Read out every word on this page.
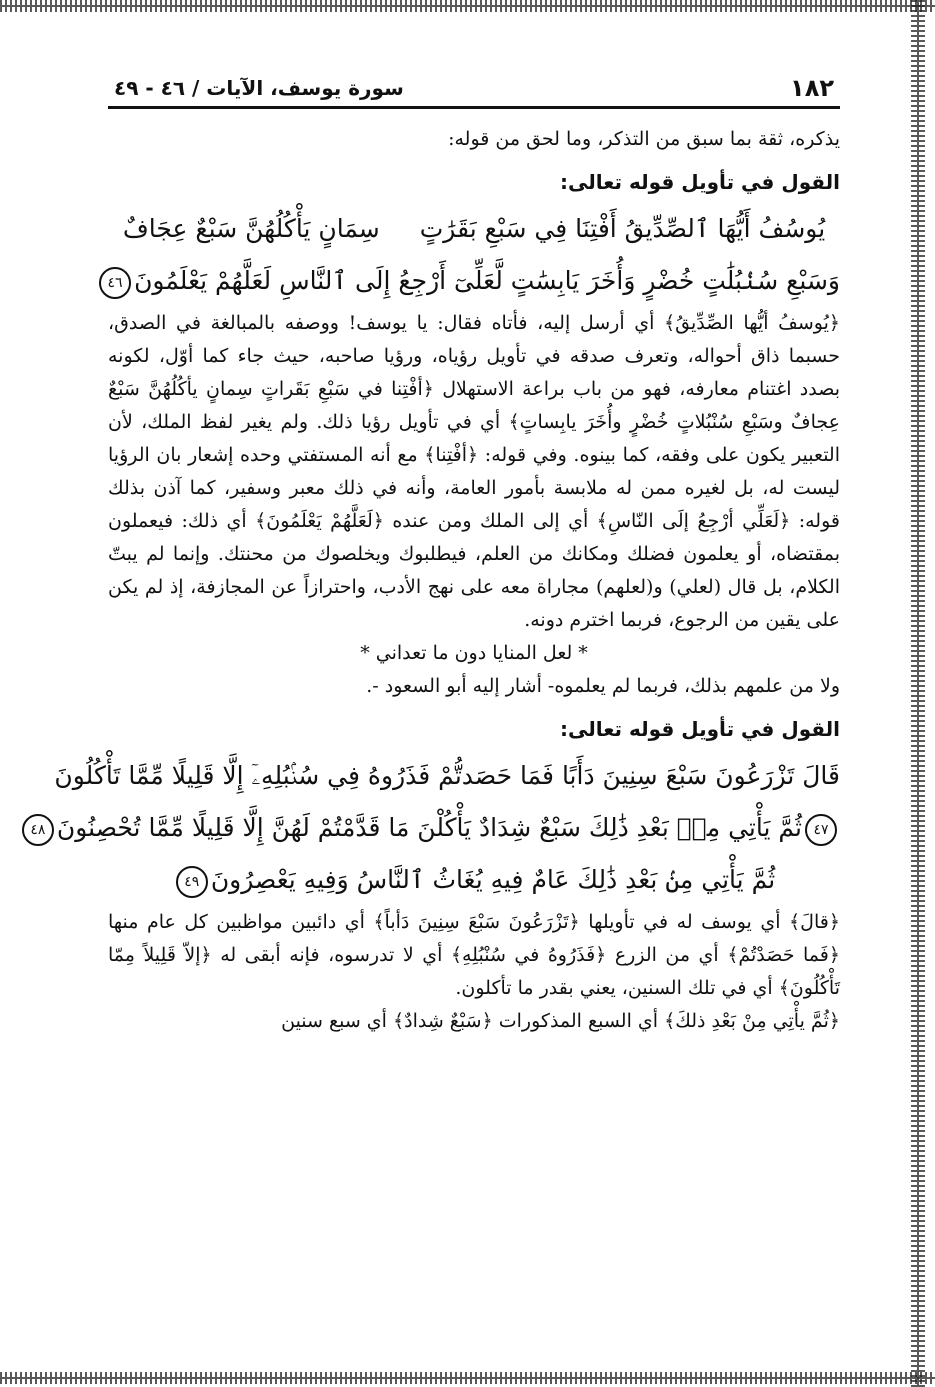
١٨٢
سورة يوسف، الآيات / ٤٦ - ٤٩

يذكره، ثقة بما سبق من التذكر، وما لحق من قوله:

القول في تأويل قوله تعالى:
يُوسُفُ أَيُّهَا ٱلصِّدِّيقُ أَفْتِنَا فِي سَبْعِ بَقَرَٰتٍسِمَانٍ يَأْكُلُهُنَّ سَبْعٌ عِجَافٌ
وَسَبْعِ سُنۢبُلَٰتٍ خُضْرٍ وَأُخَرَ يَابِسَٰتٍ لَّعَلِّىٓ أَرْجِعُ إِلَى ٱلنَّاسِ لَعَلَّهُمْ يَعْلَمُونَ٤٦

﴿يُوسفُ أيُّها الصِّدِّيقُ﴾ أي أرسل إليه، فأتاه فقال: يا يوسف! ووصفه بالمبالغة في الصدق، حسبما ذاق أحواله، وتعرف صدقه في تأويل رؤياه، ورؤيا صاحبه، حيث جاء كما أوّل، لكونه بصدد اغتنام معارفه، فهو من باب براعة الاستهلال ﴿أفْتِنا في سَبْعِ بَقَراتٍ سِمانٍ يأكُلُهُنَّ سَبْعٌ عِجافٌ وسَبْعِ سُنْبُلاتٍ خُضْرٍ وأُخَرَ يابِساتٍ﴾ أي في تأويل رؤيا ذلك. ولم يغير لفظ الملك، لأن التعبير يكون على وفقه، كما بينوه. وفي قوله: ﴿أفْتِنا﴾ مع أنه المستفتي وحده إشعار بان الرؤيا ليست له، بل لغيره ممن له ملابسة بأمور العامة، وأنه في ذلك معبر وسفير، كما آذن بذلك قوله: ﴿لَعَلِّي أرْجِعُ إلَى النّاسِ﴾ أي إلى الملك ومن عنده ﴿لَعَلَّهُمْ يَعْلَمُونَ﴾ أي ذلك: فيعملون بمقتضاه، أو يعلمون فضلك ومكانك من العلم، فيطلبوك ويخلصوك من محنتك. وإنما لم يبتّ الكلام، بل قال (لعلي) و(لعلهم) مجاراة معه على نهج الأدب، واحترازاً عن المجازفة، إذ لم يكن على يقين من الرجوع، فربما اخترم دونه.

* لعل المنايا دون ما تعداني *

ولا من علمهم بذلك، فربما لم يعلموه- أشار إليه أبو السعود -.

القول في تأويل قوله تعالى:
قَالَ تَزْرَعُونَ سَبْعَ سِنِينَ دَأَبًا فَمَا حَصَدتُّمْ فَذَرُوهُ فِي سُنۢبُلِهِۦٓ إِلَّا قَلِيلًا مِّمَّا تَأْكُلُونَ
٤٧ثُمَّ يَأْتِي مِنۢ بَعْدِ ذَٰلِكَ سَبْعٌ شِدَادٌ يَأْكُلْنَ مَا قَدَّمْتُمْ لَهُنَّ إِلَّا قَلِيلًا مِّمَّا تُحْصِنُونَ٤٨
ثُمَّ يَأْتِي مِنۢ بَعْدِ ذَٰلِكَ عَامٌ فِيهِ يُغَاثُ ٱلنَّاسُ وَفِيهِ يَعْصِرُونَ٤٩

﴿قالَ﴾ أي يوسف له في تأويلها ﴿تَزْرَعُونَ سَبْعَ سِنِينَ دَأباً﴾ أي دائبين مواظبين كل عام منها ﴿فَما حَصَدْتُمْ﴾ أي من الزرع ﴿فَذَرُوهُ في سُنْبُلِهِ﴾ أي لا تدرسوه، فإنه أبقى له ﴿إلاّ قَلِيلاً مِمّا تَأْكُلُونَ﴾ أي في تلك السنين، يعني بقدر ما تأكلون.

﴿ثُمَّ يأْتِي مِنْ بَعْدِ ذلكَ﴾ أي السبع المذكورات ﴿سَبْعٌ شِدادٌ﴾ أي سبع سنين
